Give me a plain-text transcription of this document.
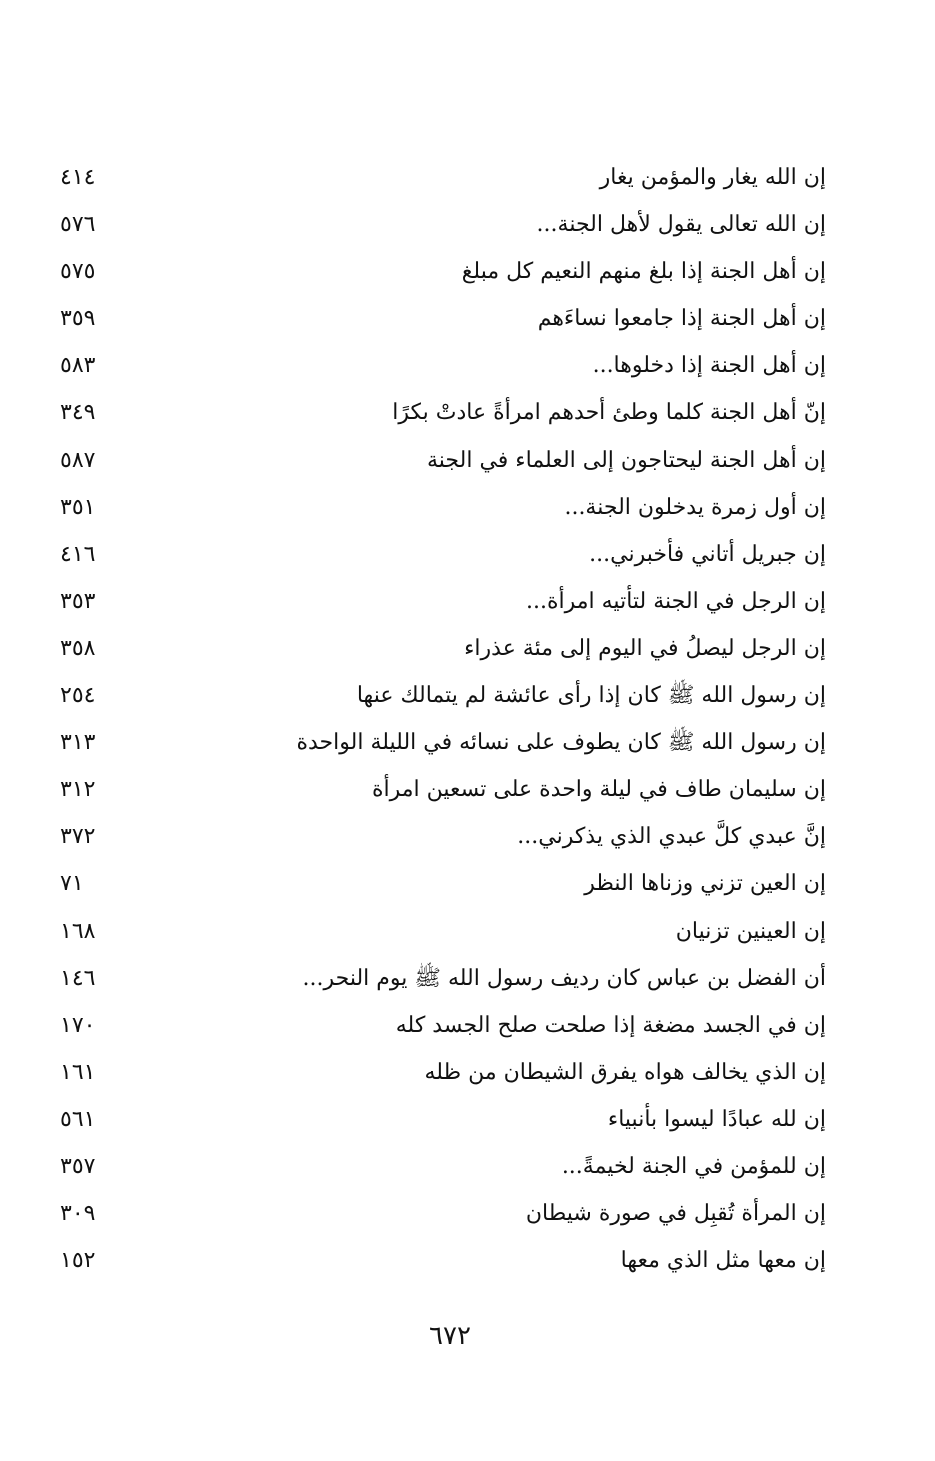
إن الله يغار والمؤمن يغار
٤١٤
إن الله تعالى يقول لأهل الجنة...
٥٧٦
إن أهل الجنة إذا بلغ منهم النعيم كل مبلغ
٥٧٥
إن أهل الجنة إذا جامعوا نساءَهم
٣٥٩
إن أهل الجنة إذا دخلوها...
٥٨٣
إنّ أهل الجنة كلما وطئ أحدهم امرأةً عادتْ بكرًا
٣٤٩
إن أهل الجنة ليحتاجون إلى العلماء في الجنة
٥٨٧
إن أول زمرة يدخلون الجنة...
٣٥١
إن جبريل أتاني فأخبرني...
٤١٦
إن الرجل في الجنة لتأتيه امرأة...
٣٥٣
إن الرجل ليصلُ في اليوم إلى مئة عذراء
٣٥٨
إن رسول الله ﷺ كان إذا رأى عائشة لم يتمالك عنها
٢٥٤
إن رسول الله ﷺ كان يطوف على نسائه في الليلة الواحدة
٣١٣
إن سليمان طاف في ليلة واحدة على تسعين امرأة
٣١٢
إنَّ عبدي كلَّ عبدي الذي يذكرني...
٣٧٢
إن العين تزني وزناها النظر
٧١
إن العينين تزنيان
١٦٨
أن الفضل بن عباس كان رديف رسول الله ﷺ يوم النحر...
١٤٦
إن في الجسد مضغة إذا صلحت صلح الجسد كله
١٧٠
إن الذي يخالف هواه يفرق الشيطان من ظله
١٦١
إن لله عبادًا ليسوا بأنبياء
٥٦١
إن للمؤمن في الجنة لخيمةً...
٣٥٧
إن المرأة تُقبِل في صورة شيطان
٣٠٩
إن معها مثل الذي معها
١٥٢
٦٧٢
